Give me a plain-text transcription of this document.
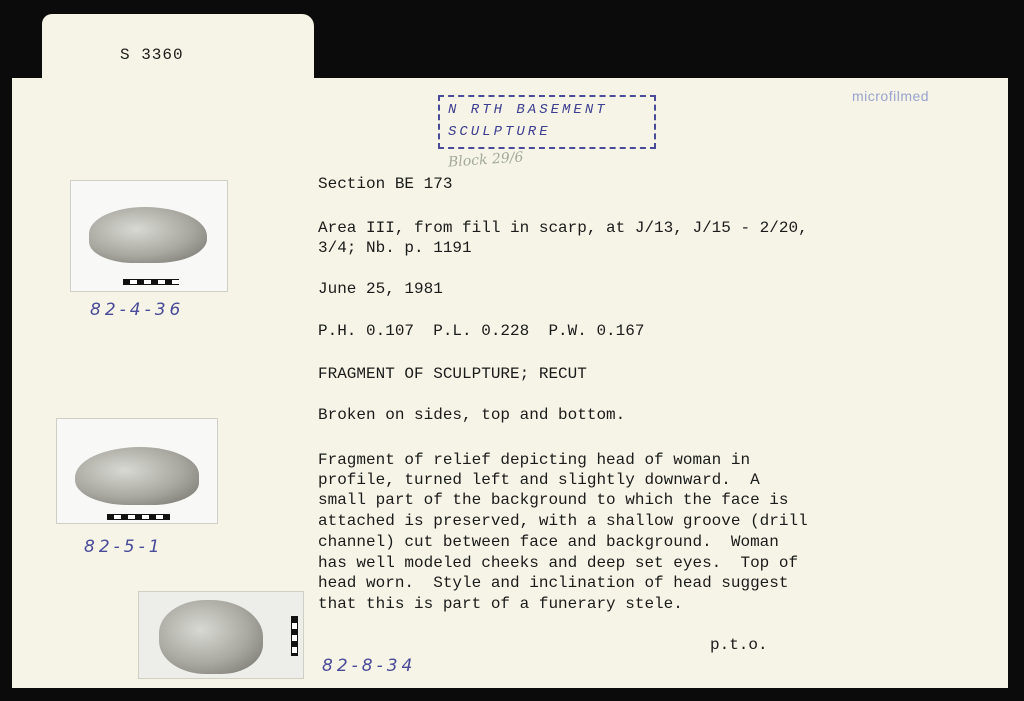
S 3360
N RTH BASEMENT
SCULPTURE
microfilmed
Block 29/6
Section BE 173
Area III, from fill in scarp, at J/13, J/15 - 2/20,
3/4; Nb. p. 1191
June 25, 1981
P.H. 0.107  P.L. 0.228  P.W. 0.167
FRAGMENT OF SCULPTURE; RECUT
Broken on sides, top and bottom.
Fragment of relief depicting head of woman in
profile, turned left and slightly downward.  A
small part of the background to which the face is
attached is preserved, with a shallow groove (drill
channel) cut between face and background.  Woman
has well modeled cheeks and deep set eyes.  Top of
head worn.  Style and inclination of head suggest
that this is part of a funerary stele.
p.t.o.
82-4-36
82-5-1
82-8-34
